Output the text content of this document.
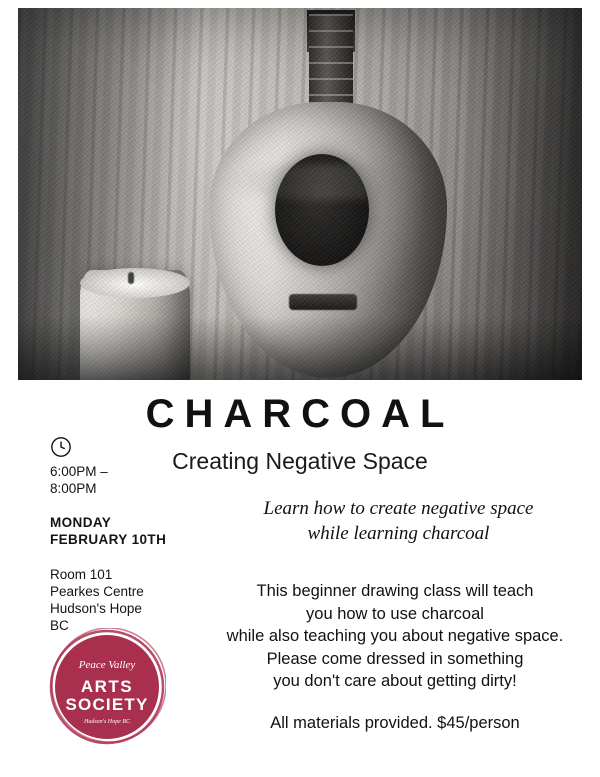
CHARCOAL
Creating Negative Space
6:00PM –
8:00PM
MONDAY
FEBRUARY 10TH
Room 101
Pearkes Centre
Hudson's Hope
BC
Peace Valley
ARTS
SOCIETY
Hudson's Hope BC
Learn how to create negative space
while learning charcoal
This beginner drawing class will teach
you how to use charcoal
while also teaching you about negative space.
Please come dressed in something
you don't care about getting dirty!
All materials provided. $45/person
